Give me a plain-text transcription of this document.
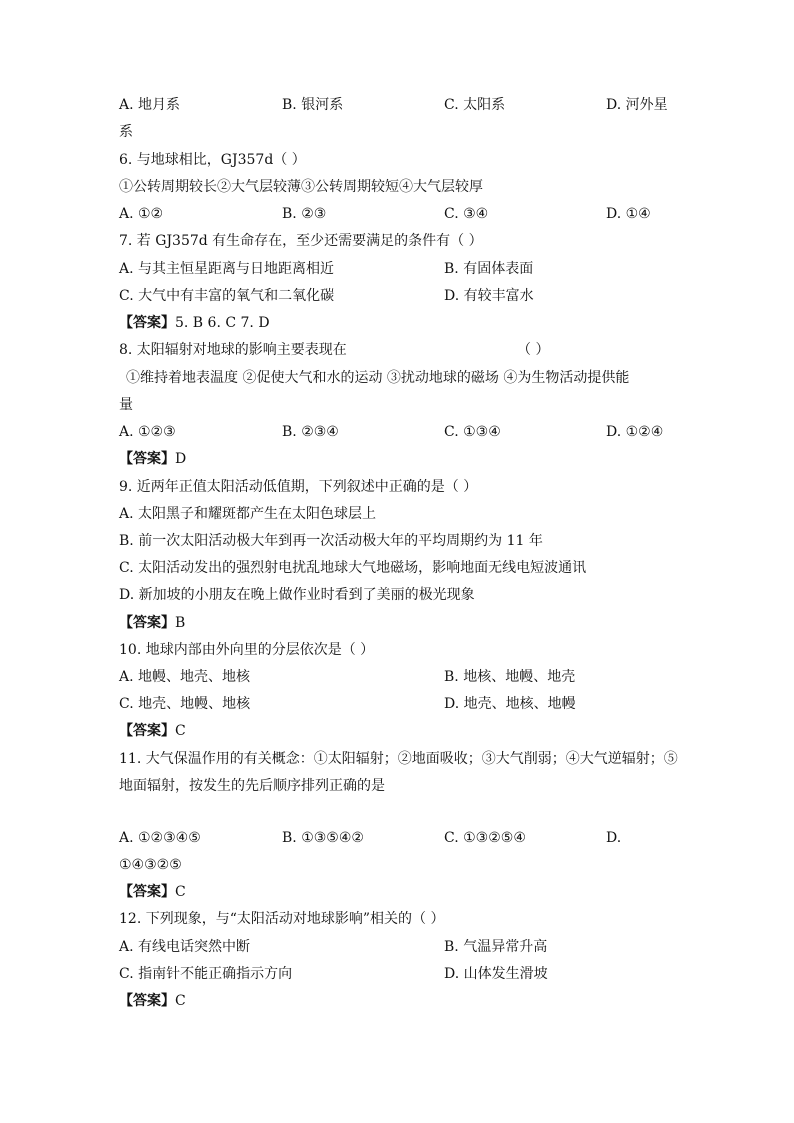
A. 地月系	B. 银河系	C. 太阳系	D. 河外星
系
6. 与地球相比，GJ357d（ ）
①公转周期较长②大气层较薄③公转周期较短④大气层较厚
A. ①②	B. ②③	C. ③④	D. ①④
7. 若 GJ357d 有生命存在，至少还需要满足的条件有（ ）
A. 与其主恒星距离与日地距离相近	B. 有固体表面
C. 大气中有丰富的氧气和二氧化碳	D. 有较丰富水
【答案】5. B 6. C 7. D
8. 太阳辐射对地球的影响主要表现在	（ ）
①维持着地表温度 ②促使大气和水的运动 ③扰动地球的磁场 ④为生物活动提供能
量
A. ①②③	B. ②③④	C. ①③④	D. ①②④
【答案】D
9. 近两年正值太阳活动低值期，下列叙述中正确的是（ ）
A. 太阳黑子和耀斑都产生在太阳色球层上
B. 前一次太阳活动极大年到再一次活动极大年的平均周期约为 11 年
C. 太阳活动发出的强烈射电扰乱地球大气地磁场，影响地面无线电短波通讯
D. 新加坡的小朋友在晚上做作业时看到了美丽的极光现象
【答案】B
10. 地球内部由外向里的分层依次是（ ）
A. 地幔、地壳、地核	B. 地核、地幔、地壳
C. 地壳、地幔、地核	D. 地壳、地核、地幔
【答案】C
11. 大气保温作用的有关概念：①太阳辐射；②地面吸收；③大气削弱；④大气逆辐射；⑤
地面辐射，按发生的先后顺序排列正确的是
A. ①②③④⑤	B. ①③⑤④②	C. ①③②⑤④	D.
①④③②⑤
【答案】C
12. 下列现象，与“太阳活动对地球影响”相关的（ ）
A. 有线电话突然中断	B. 气温异常升高
C. 指南针不能正确指示方向	D. 山体发生滑坡
【答案】C
